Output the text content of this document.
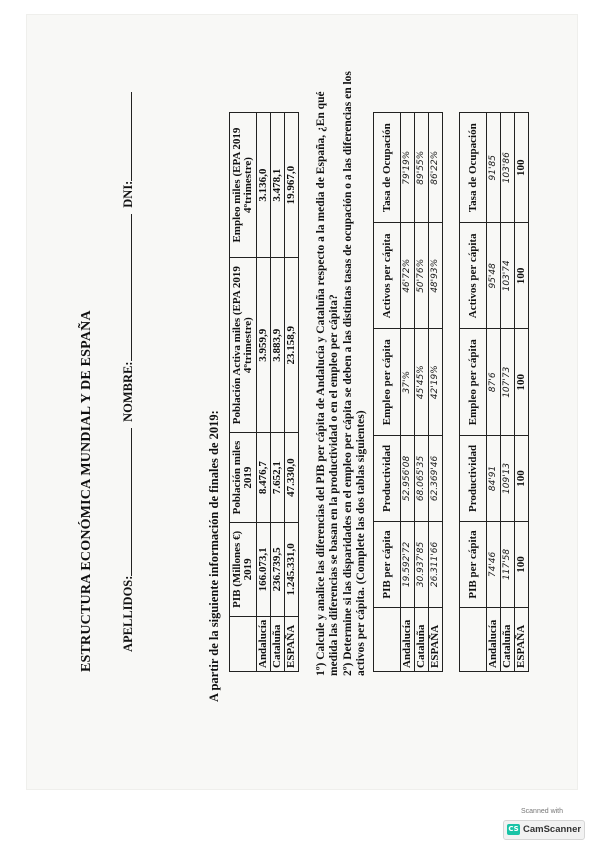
ESTRUCTURA ECONÓMICA MUNDIAL Y DE ESPAÑA APELLIDOS:
NOMBRE:
DNI:
A partir de la siguiente información de finales de 2019:
	PIB (Millones €) 2019	Población miles 2019	Población Activa miles (EPA 2019 4ºtrimestre)	Empleo miles (EPA 2019 4ºtrimestre)
Andalucía	166.073,1	8.476,7	3.959,9	3.136,0
Cataluña	236.739,5	7.652,1	3.883,9	3.478,1
ESPAÑA	1.245.331,0	47.330,0	23.158,9	19.967,0 1º) Calcule y analice las diferencias del PIB per cápita de Andalucía y Cataluña respecto a la media de España, ¿En qué medida las diferencias se basan en la productividad o en el empleo per cápita? 2º) Determine si las disparidades en el empleo per cápita se deben a las distintas tasas de ocupación o a las diferencias en los activos per cápita. (Complete las dos tablas siguientes)
	PIB per cápita	Productividad	Empleo per cápita	Activos per cápita	Tasa de Ocupación
Andalucía	19.592'72	52.956'08	37'%	46'72%	79'19%
Cataluña	30.937'85	68.065'35	45'45%	50'76%	89'55%
ESPAÑA	26.311'66	62.369'46	42'19%	48'93%	86'22%
	PIB per cápita	Productividad	Empleo per cápita	Activos per cápita	Tasa de Ocupación
Andalucía	74'46	84'91	87'6	95'48	91'85
Cataluña	117'58	109'13	107'73	103'74	103'86
ESPAÑA	100	100	100	100	100
Scanned with
CS CamScanner
